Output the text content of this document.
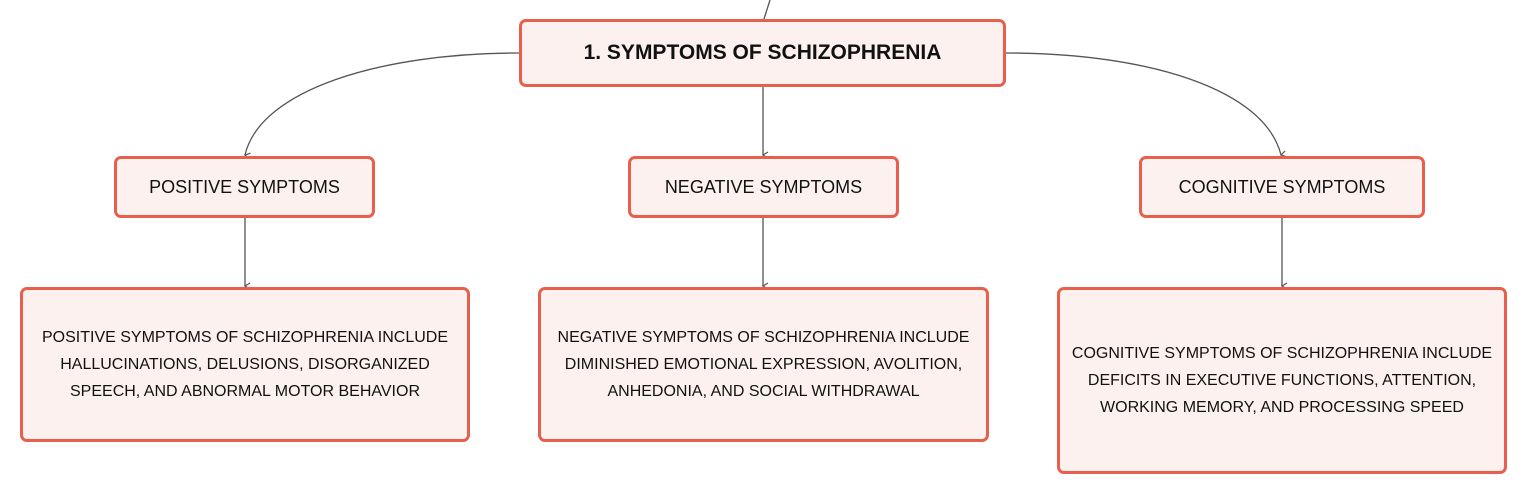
1. SYMPTOMS OF SCHIZOPHRENIA
POSITIVE SYMPTOMS	NEGATIVE SYMPTOMS	COGNITIVE SYMPTOMS
POSITIVE SYMPTOMS OF SCHIZOPHRENIA INCLUDE HALLUCINATIONS, DELUSIONS, DISORGANIZED SPEECH, AND ABNORMAL MOTOR BEHAVIOR
NEGATIVE SYMPTOMS OF SCHIZOPHRENIA INCLUDE DIMINISHED EMOTIONAL EXPRESSION, AVOLITION, ANHEDONIA, AND SOCIAL WITHDRAWAL
COGNITIVE SYMPTOMS OF SCHIZOPHRENIA INCLUDE DEFICITS IN EXECUTIVE FUNCTIONS, ATTENTION, WORKING MEMORY, AND PROCESSING SPEED
